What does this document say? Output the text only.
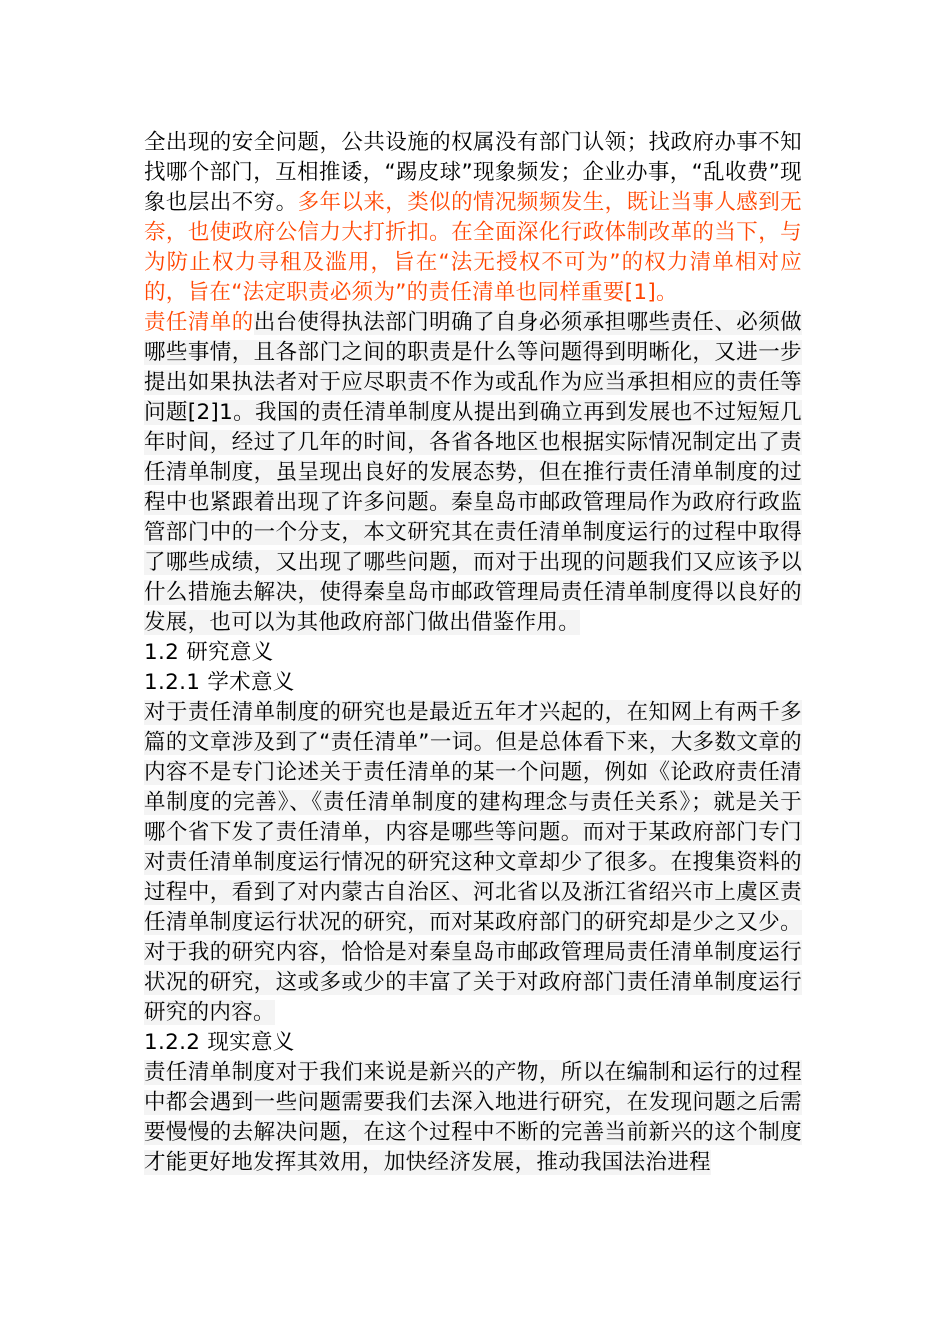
全出现的安全问题，公共设施的权属没有部门认领；找政府办事不知找哪个部门，互相推诿，“踢皮球”现象频发；企业办事，“乱收费”现象也层出不穷。多年以来，类似的情况频频发生，既让当事人感到无奈，也使政府公信力大打折扣。在全面深化行政体制改革的当下，与为防止权力寻租及滥用，旨在“法无授权不可为”的权力清单相对应的，旨在“法定职责必须为”的责任清单也同样重要[1]。

责任清单的出台使得执法部门明确了自身必须承担哪些责任、必须做哪些事情，且各部门之间的职责是什么等问题得到明晰化，又进一步提出如果执法者对于应尽职责不作为或乱作为应当承担相应的责任等问题[2]1。我国的责任清单制度从提出到确立再到发展也不过短短几年时间，经过了几年的时间，各省各地区也根据实际情况制定出了责任清单制度，虽呈现出良好的发展态势，但在推行责任清单制度的过程中也紧跟着出现了许多问题。秦皇岛市邮政管理局作为政府行政监管部门中的一个分支，本文研究其在责任清单制度运行的过程中取得了哪些成绩，又出现了哪些问题，而对于出现的问题我们又应该予以什么措施去解决，使得秦皇岛市邮政管理局责任清单制度得以良好的发展，也可以为其他政府部门做出借鉴作用。

1.2 研究意义
1.2.1 学术意义

对于责任清单制度的研究也是最近五年才兴起的，在知网上有两千多篇的文章涉及到了“责任清单”一词。但是总体看下来，大多数文章的内容不是专门论述关于责任清单的某一个问题，例如《论政府责任清单制度的完善》、《责任清单制度的建构理念与责任关系》；就是关于哪个省下发了责任清单，内容是哪些等问题。而对于某政府部门专门对责任清单制度运行情况的研究这种文章却少了很多。在搜集资料的过程中，看到了对内蒙古自治区、河北省以及浙江省绍兴市上虞区责任清单制度运行状况的研究，而对某政府部门的研究却是少之又少。对于我的研究内容，恰恰是对秦皇岛市邮政管理局责任清单制度运行状况的研究，这或多或少的丰富了关于对政府部门责任清单制度运行研究的内容。

1.2.2 现实意义

责任清单制度对于我们来说是新兴的产物，所以在编制和运行的过程中都会遇到一些问题需要我们去深入地进行研究，在发现问题之后需要慢慢的去解决问题，在这个过程中不断的完善当前新兴的这个制度才能更好地发挥其效用，加快经济发展，推动我国法治进程
